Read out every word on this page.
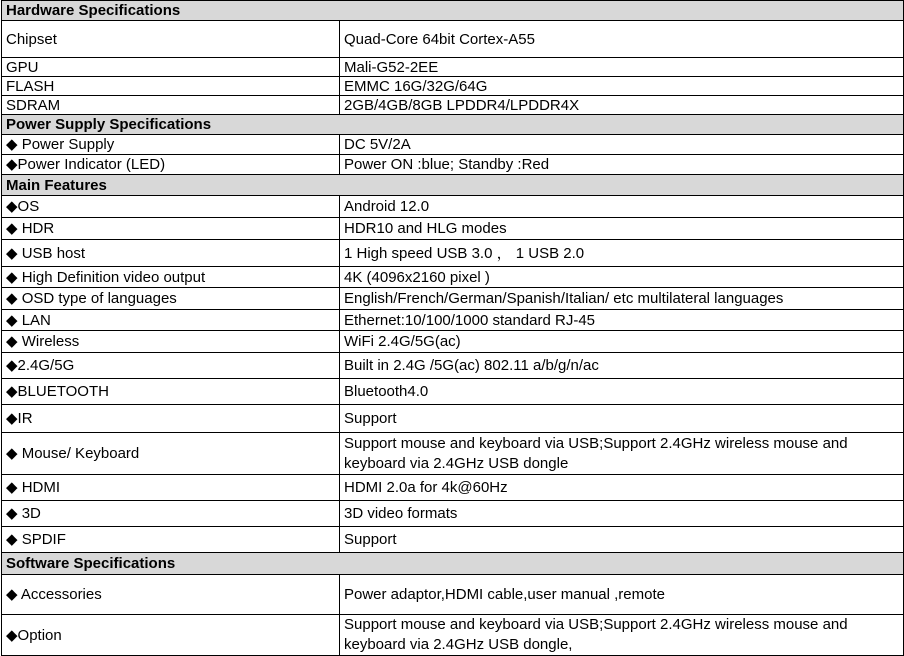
Hardware Specifications	
Chipset	Quad-Core 64bit Cortex-A55
GPU	Mali-G52-2EE
FLASH	EMMC 16G/32G/64G
SDRAM	2GB/4GB/8GB LPDDR4/LPDDR4X
Power Supply Specifications	
◆ Power Supply	DC 5V/2A
◆Power Indicator (LED)	Power ON :blue; Standby :Red
Main Features	
◆OS	Android 12.0
◆ HDR	HDR10 and HLG modes
◆ USB host	1 High speed USB 3.0 ， 1 USB 2.0
◆ High Definition video output	4K (4096x2160 pixel )
◆ OSD type of languages	English/French/German/Spanish/Italian/ etc multilateral languages
◆ LAN	Ethernet:10/100/1000 standard RJ-45
◆ Wireless	WiFi 2.4G/5G(ac)
◆2.4G/5G	Built in 2.4G /5G(ac) 802.11 a/b/g/n/ac
◆BLUETOOTH	Bluetooth4.0
◆IR	Support
◆ Mouse/ Keyboard	Support mouse and keyboard via USB;Support 2.4GHz wireless mouse and
keyboard via 2.4GHz USB dongle

◆ HDMI	HDMI 2.0a for 4k@60Hz
◆ 3D	3D video formats
◆ SPDIF	Support
Software Specifications	
◆ Accessories	Power adaptor,HDMI cable,user manual ,remote
◆Option	Support mouse and keyboard via USB;Support 2.4GHz wireless mouse and
keyboard via 2.4GHz USB dongle,
